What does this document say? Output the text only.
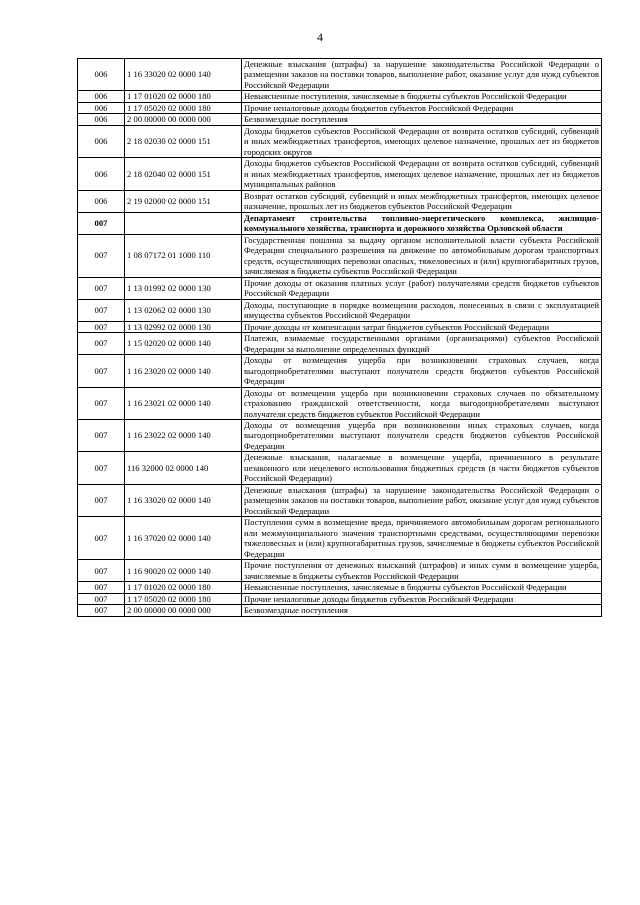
4
006	1 16 33020 02 0000 140	Денежные взыскания (штрафы) за нарушение законодательства Российской Федерации о размещении заказов на поставки товаров, выполнение работ, оказание услуг для нужд субъектов Российской Федерации
006	1 17 01020 02 0000 180	Невыясненные поступления, зачисляемые в бюджеты субъектов Российской Федерации
006	1 17 05020 02 0000 180	Прочие неналоговые доходы бюджетов субъектов Российской Федерации
006	2 00 00000 00 0000 000	Безвозмездные поступления
006	2 18 02030 02 0000 151	Доходы бюджетов субъектов Российской Федерации от возврата остатков субсидий, субвенций и иных межбюджетных трансфертов, имеющих целевое назначение, прошлых лет из бюджетов городских округов
006	2 18 02040 02 0000 151	Доходы бюджетов субъектов Российской Федерации от возврата остатков субсидий, субвенций и иных межбюджетных трансфертов, имеющих целевое назначение, прошлых лет из бюджетов муниципальных районов
006	2 19 02000 02 0000 151	Возврат остатков субсидий, субвенций и иных межбюджетных трансфертов, имеющих целевое назначение, прошлых лет из бюджетов субъектов Российской Федерации
007		Департамент строительства топливно-энергетического комплекса, жилищно-коммунального хозяйства, транспорта и дорожного хозяйства Орловской области
007	1 08 07172 01 1000 110	Государственная пошлина за выдачу органом исполнительной власти субъекта Российской Федерации специального разрешения на движение по автомобильным дорогам транспортных средств, осуществляющих перевозки опасных, тяжеловесных и (или) крупногабаритных грузов, зачисляемая в бюджеты субъектов Российской Федерации
007	1 13 01992 02 0000 130	Прочие доходы от оказания платных услуг (работ) получателями средств бюджетов субъектов Российской Федерации
007	1 13 02062 02 0000 130	Доходы, поступающие в порядке возмещения расходов, понесенных в связи с эксплуатацией имущества субъектов Российской Федерации
007	1 13 02992 02 0000 130	Прочие доходы от компенсации затрат бюджетов субъектов Российской Федерации
007	1 15 02020 02 0000 140	Платежи, взимаемые государственными органами (организациями) субъектов Российской Федерации за выполнение определенных функций
007	1 16 23020 02 0000 140	Доходы от возмещения ущерба при возникновении страховых случаев, когда выгодоприобретателями выступают получатели средств бюджетов субъектов Российской Федерации
007	1 16 23021 02 0000 140	Доходы от возмещения ущерба при возникновении страховых случаев по обязательному страхованию гражданской ответственности, когда выгодоприобретателями выступают получатели средств бюджетов субъектов Российской Федерации
007	1 16 23022 02 0000 140	Доходы от возмещения ущерба при возникновении иных страховых случаев, когда выгодоприобретателями выступают получатели средств бюджетов субъектов Российской Федерации
007	116 32000 02 0000 140	Денежные взыскания, налагаемые в возмещение ущерба, причиненного в результате незаконного или нецелевого использования бюджетных средств (в части бюджетов субъектов Российской Федерации)
007	1 16 33020 02 0000 140	Денежные взыскания (штрафы) за нарушение законодательства Российской Федерации о размещении заказов на поставки товаров, выполнение работ, оказание услуг для нужд субъектов Российской Федерации
007	1 16 37020 02 0000 140	Поступления сумм в возмещение вреда, причиняемого автомобильным дорогам регионального или межмуниципального значения транспортными средствами, осуществляющими перевозки тяжеловесных и (или) крупногабаритных грузов, зачисляемые в бюджеты субъектов Российской Федерации
007	1 16 90020 02 0000 140	Прочие поступления от денежных взысканий (штрафов) и иных сумм в возмещение ущерба, зачисляемые в бюджеты субъектов Российской Федерации
007	1 17 01020 02 0000 180	Невыясненные поступления, зачисляемые в бюджеты субъектов Российской Федерации
007	1 17 05020 02 0000 180	Прочие неналоговые доходы бюджетов субъектов Российской Федерации
007	2 00 00000 00 0000 000	Безвозмездные поступления
